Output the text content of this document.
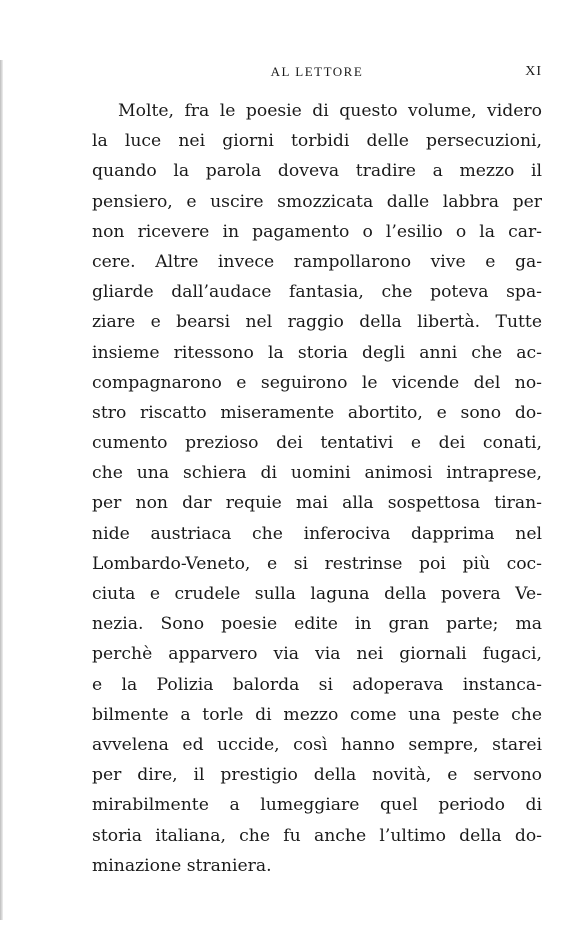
AL LETTORE	XI
Molte, fra le poesie di questo volume, videro
la luce nei giorni torbidi delle persecuzioni,
quando la parola doveva tradire a mezzo il
pensiero, e uscire smozzicata dalle labbra per
non ricevere in pagamento o l’esilio o la car-
cere. Altre invece rampollarono vive e ga-
gliarde dall’audace fantasia, che poteva spa-
ziare e bearsi nel raggio della libertà. Tutte
insieme ritessono la storia degli anni che ac-
compagnarono e seguirono le vicende del no-
stro riscatto miseramente abortito, e sono do-
cumento prezioso dei tentativi e dei conati,
che una schiera di uomini animosi intraprese,
per non dar requie mai alla sospettosa tiran-
nide austriaca che inferociva dapprima nel
Lombardo-Veneto, e si restrinse poi più coc-
ciuta e crudele sulla laguna della povera Ve-
nezia. Sono poesie edite in gran parte; ma
perchè apparvero via via nei giornali fugaci,
e la Polizia balorda si adoperava instanca-
bilmente a torle di mezzo come una peste che
avvelena ed uccide, così hanno sempre, starei
per dire, il prestigio della novità, e servono
mirabilmente a lumeggiare quel periodo di
storia italiana, che fu anche l’ultimo della do-
minazione straniera.
